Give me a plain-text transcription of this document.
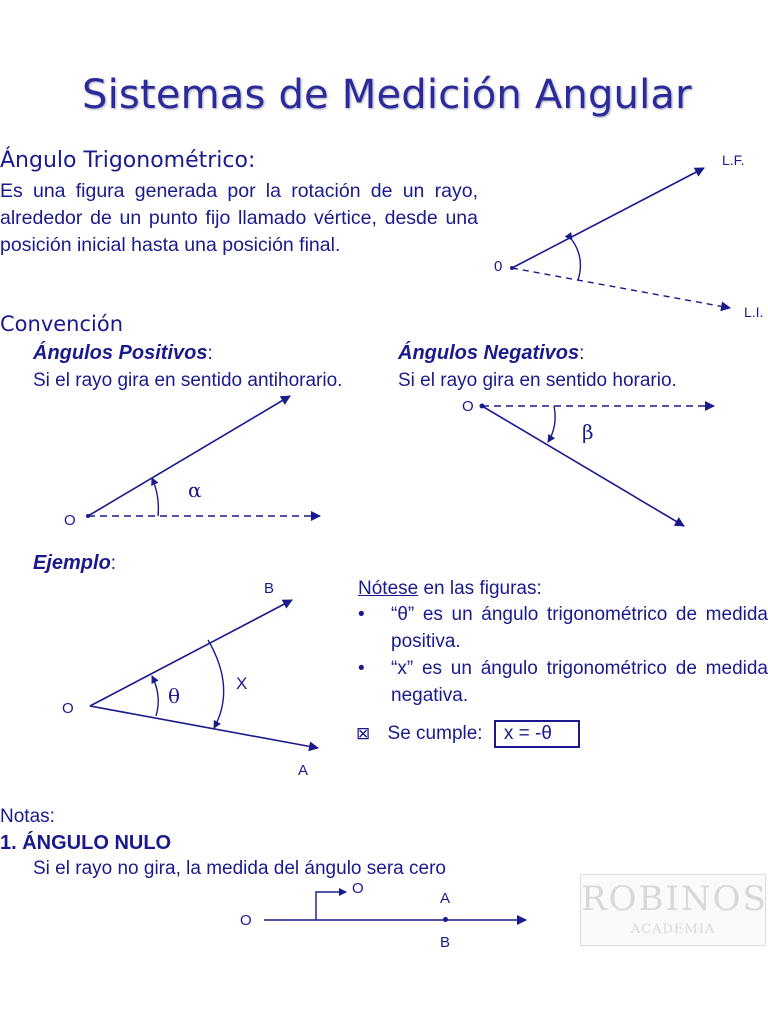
Sistemas de Medición Angular
Ángulo Trigonométrico:
Es una figura generada por la rotación de un rayo, alrededor de un punto fijo llamado vértice, desde una posición inicial hasta una posición final.
0
L.F.
L.I.
Convención
Ángulos Positivos:
Si el rayo gira en sentido antihorario.
O
α
Ángulos Negativos:
Si el rayo gira en sentido horario.
O
β
Ejemplo:
O
B
A
θ
X
Nótese en las figuras:
•	“θ” es un ángulo trigonométrico de medida positiva.
•	“x” es un ángulo trigonométrico de medida negativa.
⊠ Se cumple: x = -θ
Notas:
1. ÁNGULO NULO
Si el rayo no gira, la medida del ángulo sera cero
O
O
A
B
ROBINOS
ACADEMIA
